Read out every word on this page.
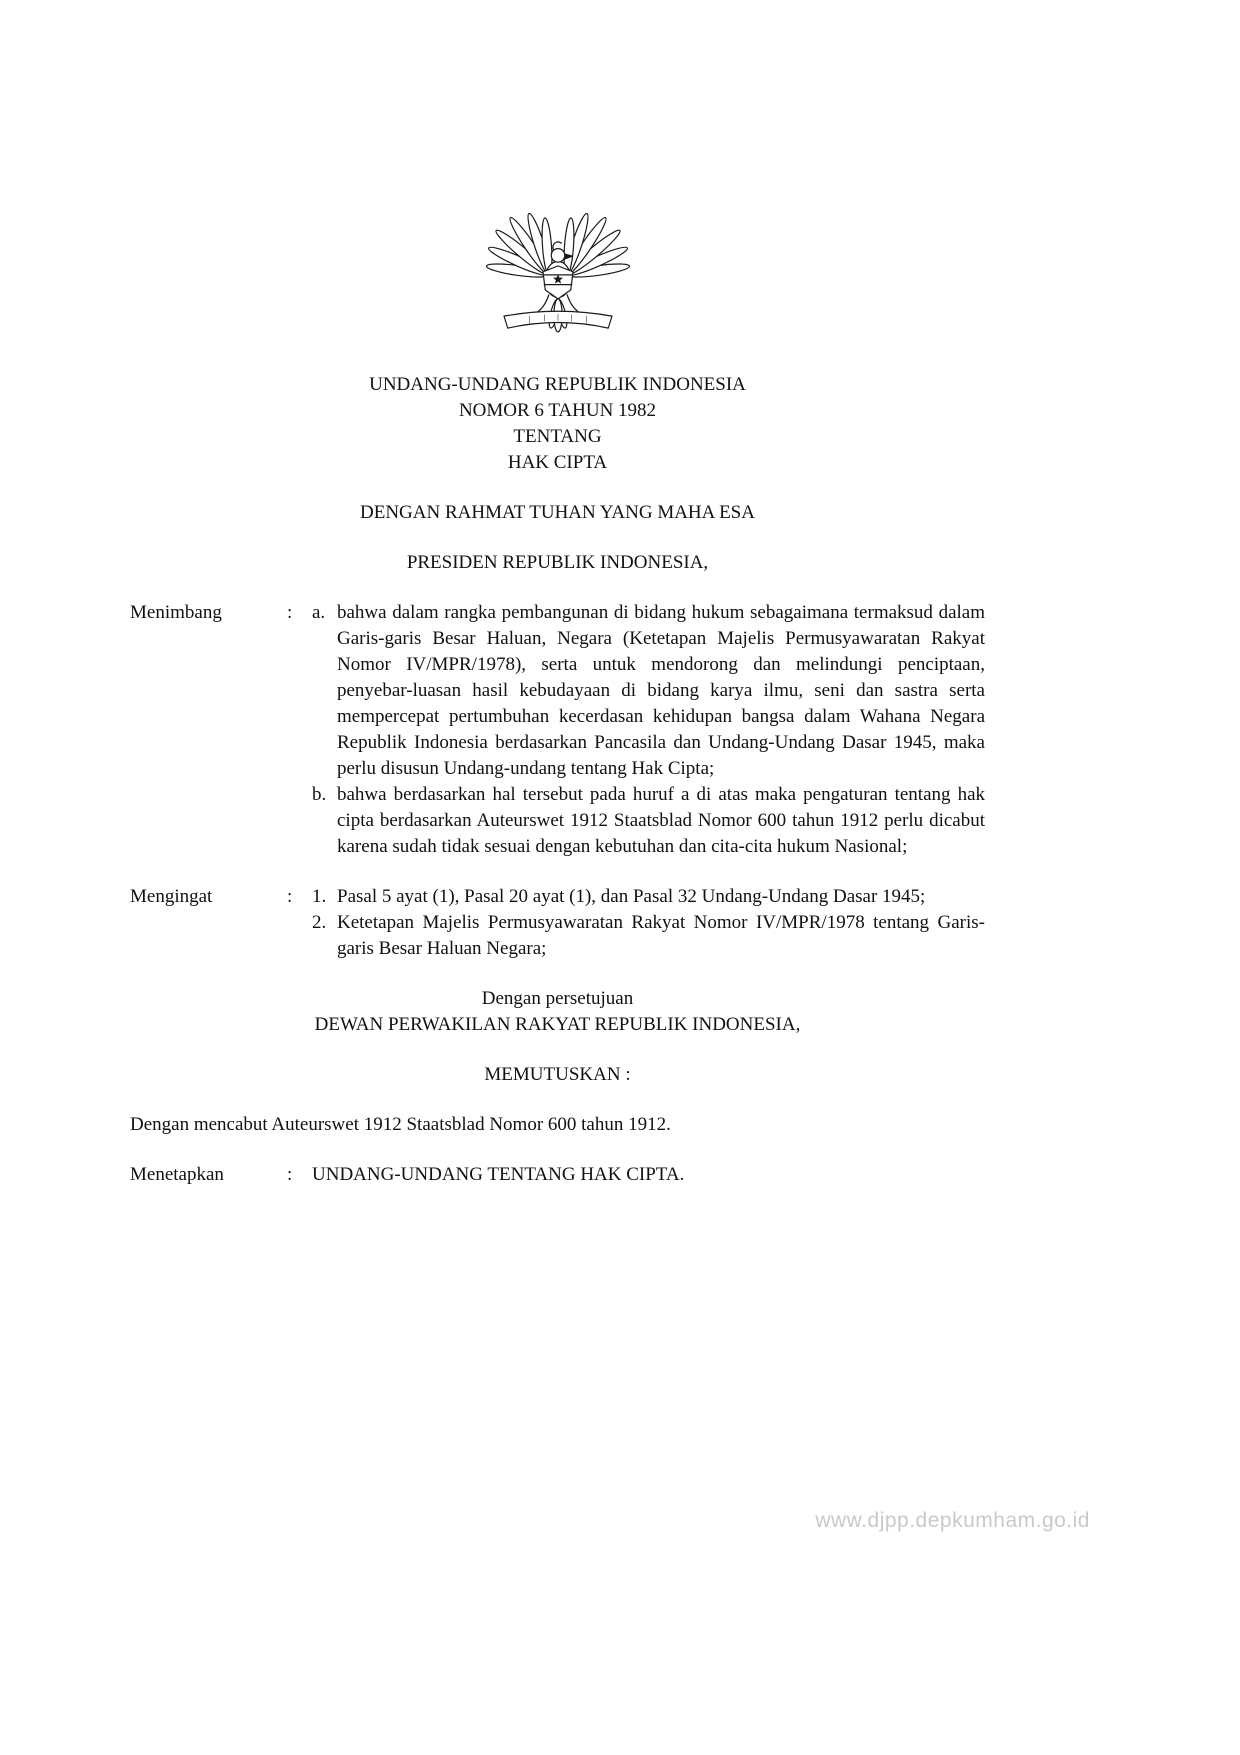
UNDANG-UNDANG REPUBLIK INDONESIA
NOMOR 6 TAHUN 1982
TENTANG
HAK CIPTA
DENGAN RAHMAT TUHAN YANG MAHA ESA
PRESIDEN REPUBLIK INDONESIA,
Menimbang	:	a. bahwa dalam rangka pembangunan di bidang hukum sebagaimana termaksud dalam Garis-garis Besar Haluan, Negara (Ketetapan Majelis Permusyawaratan Rakyat Nomor IV/MPR/1978), serta untuk mendorong dan melindungi penciptaan, penyebar-luasan hasil kebudayaan di bidang karya ilmu, seni dan sastra serta mempercepat pertumbuhan kecerdasan kehidupan bangsa dalam Wahana Negara Republik Indonesia berdasarkan Pancasila dan Undang-Undang Dasar 1945, maka perlu disusun Undang-undang tentang Hak Cipta;
b. bahwa berdasarkan hal tersebut pada huruf a di atas maka pengaturan tentang hak cipta berdasarkan Auteurswet 1912 Staatsblad Nomor 600 tahun 1912 perlu dicabut karena sudah tidak sesuai dengan kebutuhan dan cita-cita hukum Nasional;
Mengingat	:	1. Pasal 5 ayat (1), Pasal 20 ayat (1), dan Pasal 32 Undang-Undang Dasar 1945;
2. Ketetapan Majelis Permusyawaratan Rakyat Nomor IV/MPR/1978 tentang Garis-garis Besar Haluan Negara;
Dengan persetujuan
DEWAN PERWAKILAN RAKYAT REPUBLIK INDONESIA,
MEMUTUSKAN :
Dengan mencabut Auteurswet 1912 Staatsblad Nomor 600 tahun 1912.
Menetapkan	:	UNDANG-UNDANG TENTANG HAK CIPTA.
www.djpp.depkumham.go.id
